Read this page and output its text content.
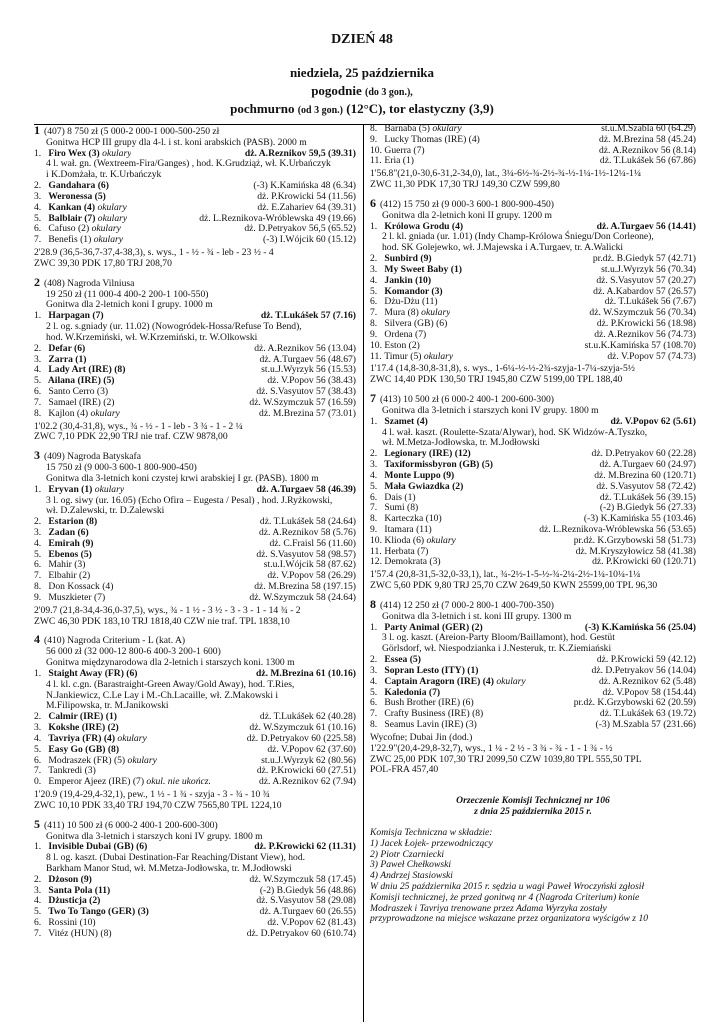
DZIEŃ 48
niedziela, 25 października
pogodnie (do 3 gon.),
pochmurno (od 3 gon.) (12°C), tor elastyczny (3,9)
1 (407) 8 750 zł (5 000-2 000-1 000-500-250 zł
Gonitwa HCP III grupy dla 4-l. i st. koni arabskich (PASB). 2000 m
1. Firo Wex (3) okulary	dż. A.Reznikov 59,5 (39.31)
4 l. wał. gn. (Wextreem-Fira/Ganges) , hod. K.Grudziąż, wł. K.Urbańczyk
i K.Domżała, tr. K.Urbańczyk
2. Gandahara (6)	(-3) K.Kamińska 48 (6.34)
3. Weronessa (5)	dż. P.Krowicki 54 (11.56)
4. Kankan (4) okulary	dż. E.Zahariev 64 (39.31)
5. Balblair (7) okulary	dż. L.Reznikova-Wróblewska 49 (19.66)
6. Cafuso (2) okulary	dż. D.Petryakov 56,5 (65.52)
7. Benefis (1) okulary	(-3) I.Wójcik 60 (15.12)
2'28.9 (36,5-36,7-37,4-38,3), s. wys., 1 - ½ - ¾ - leb - 23 ½ - 4
ZWC 39,30 PDK 17,80 TRJ 208,70
2 (408) Nagroda Vilniusa
19 250 zł (11 000-4 400-2 200-1 100-550)
Gonitwa dla 2-letnich koni I grupy. 1000 m
1. Harpagan (7)	dż. T.Lukášek 57 (7.16)
2 l. og. s.gniady (ur. 11.02) (Nowogródek-Hossa/Refuse To Bend),
hod. W.Krzemiński, wł. W.Krzemiński, tr. W.Olkowski
2. Defar (6)	dż. A.Reznikov 56 (13.04)
3. Zarra (1)	dż. A.Turgaev 56 (48.67)
4. Lady Art (IRE) (8)	st.u.J.Wyrzyk 56 (15.53)
5. Ailana (IRE) (5)	dż. V.Popov 56 (38.43)
6. Santo Cerro (3)	dż. S.Vasyutov 57 (38.43)
7. Samael (IRE) (2)	dż. W.Szymczuk 57 (16.59)
8. Kajlon (4) okulary	dż. M.Brezina 57 (73.01)
1'02.2 (30,4-31,8), wys., ¾ - ½ - 1 - leb - 3 ¾ - 1 - 2 ¼
ZWC 7,10 PDK 22,90 TRJ nie traf. CZW 9878,00
3 (409) Nagroda Batyskafa
15 750 zł (9 000-3 600-1 800-900-450)
Gonitwa dla 3-letnich koni czystej krwi arabskiej I gr. (PASB). 1800 m
1. Eryvan (1) okulary	dż. A.Turgaev 58 (46.39)
3 l. og. siwy (ur. 16.05) (Echo Ofira – Eugesta / Pesal) , hod. J.Ryżkowski,
wł. D.Zalewski, tr. D.Zalewski
2. Estarion (8)	dż. T.Lukášek 58 (24.64)
3. Zadan (6)	dż. A.Reznikov 58 (5.76)
4. Emirah (9)	dż. C.Fraisl 56 (11.60)
5. Ebenos (5)	dż. S.Vasyutov 58 (98.57)
6. Mahir (3)	st.u.I.Wójcik 58 (87.62)
7. Elbahir (2)	dż. V.Popov 58 (26.29)
8. Don Kossack (4)	dż. M.Brezina 58 (197.15)
9. Muszkieter (7)	dż. W.Szymczuk 58 (24.64)
2'09.7 (21,8-34,4-36,0-37,5), wys., ¾ - 1 ½ - 3 ½ - 3 - 3 - 1 - 14 ¾ - 2
ZWC 46,30 PDK 183,10 TRJ 1818,40 CZW nie traf. TPL 1838,10
4 (410) Nagroda Criterium - L (kat. A)
56 000 zł (32 000-12 800-6 400-3 200-1 600)
Gonitwa międzynarodowa dla 2-letnich i starszych koni. 1300 m
1. Staight Away (FR) (6)	dż. M.Brezina 61 (10.16)
4 l. kl. c.gn. (Barastraight-Green Away/Gold Away), hod. T.Ries,
N.Jankiewicz, C.Le Lay i M.-Ch.Lacaille, wł. Z.Makowski i
M.Filipowska, tr. M.Janikowski
2. Calmir (IRE) (1)	dż. T.Lukášek 62 (40.28)
3. Kokshe (IRE) (2)	dż. W.Szymczuk 61 (10.16)
4. Tavriya (FR) (4) okulary	dż. D.Petryakov 60 (225.58)
5. Easy Go (GB) (8)	dż. V.Popov 62 (37.60)
6. Modraszek (FR) (5) okulary	st.u.J.Wyrzyk 62 (80.56)
7. Tankredi (3)	dż. P.Krowicki 60 (27.51)
0. Emperor Ajeez (IRE) (7) okul. nie ukończ.	dż. A.Reznikov 62 (7.94)
1'20.9 (19,4-29,4-32,1), pew., 1 ½ - 1 ¾ - szyja - 3 - ¾ - 10 ¾
ZWC 10,10 PDK 33,40 TRJ 194,70 CZW 7565,80 TPL 1224,10
5 (411) 10 500 zł (6 000-2 400-1 200-600-300)
Gonitwa dla 3-letnich i starszych koni IV grupy. 1800 m
1. Invisible Dubai (GB) (6)	dż. P.Krowicki 62 (11.31)
8 l. og. kaszt. (Dubai Destination-Far Reaching/Distant View), hod.
Barkham Manor Stud, wł. M.Metza-Jodłowska, tr. M.Jodłowski
2. Dżoson (9)	dż. W.Szymczuk 58 (17.45)
3. Santa Pola (11)	(-2) B.Giedyk 56 (48.86)
4. Dżusticja (2)	dż. S.Vasyutov 58 (29.08)
5. Two To Tango (GER) (3)	dż. A.Turgaev 60 (26.55)
6. Rossini (10)	dż. V.Popov 62 (81.43)
7. Vitéz (HUN) (8)	dż. D.Petryakov 60 (610.74)
8. Barnaba (5) okulary	st.u.M.Szabla 60 (64.29)
9. Lucky Thomas (IRE) (4)	dż. M.Brezina 58 (45.24)
10. Guerra (7)	dż. A.Reznikov 56 (8.14)
11. Eria (1)	dż. T.Lukášek 56 (67.86)
1'56.8"(21,0-30,6-31,2-34,0), lat., 3¼-6½-¾-2½-¾-½-1¼-1½-12¼-1¼
ZWC 11,30 PDK 17,30 TRJ 149,30 CZW 599,80
6 (412) 15 750 zł (9 000-3 600-1 800-900-450)
Gonitwa dla 2-letnich koni II grupy. 1200 m
1. Królowa Grodu (4)	dż. A.Turgaev 56 (14.41)
2 l. kl. gniada (ur. 1.01) (Indy Champ-Królowa Śniegu/Don Corleone),
hod. SK Golejewko, wł. J.Majewska i A.Turgaev, tr. A.Walicki
2. Sunbird (9)	pr.dż. B.Giedyk 57 (42.71)
3. My Sweet Baby (1)	st.u.J.Wyrzyk 56 (70.34)
4. Jankin (10)	dż. S.Vasyutov 57 (20.27)
5. Komandor (3)	dż. A.Kabardov 57 (26.57)
6. Dżu-Dżu (11)	dż. T.Lukášek 56 (7.67)
7. Mura (8) okulary	dż. W.Szymczuk 56 (70.34)
8. Silvera (GB) (6)	dż. P.Krowicki 56 (18.98)
9. Ordena (7)	dż. A.Reznikov 56 (74.73)
10. Eston (2)	st.u.K.Kamińska 57 (108.70)
11. Timur (5) okulary	dż. V.Popov 57 (74.73)
1'17.4 (14,8-30,8-31,8), s. wys., 1-6¼-½-½-2¾-szyja-1-7¼-szyja-5½
ZWC 14,40 PDK 130,50 TRJ 1945,80 CZW 5199,00 TPL 188,40
7 (413) 10 500 zł (6 000-2 400-1 200-600-300)
Gonitwa dla 3-letnich i starszych koni IV grupy. 1800 m
1. Szamet (4)	dż. V.Popov 62 (5.61)
4 l. wał. kaszt. (Roulette-Szata/Alywar), hod. SK Widzów-A.Tyszko,
wł. M.Metza-Jodłowska, tr. M.Jodłowski
2. Legionary (IRE) (12)	dż. D.Petryakov 60 (22.28)
3. Taxiformissbyron (GB) (5)	dż. A.Turgaev 60 (24.97)
4. Monte Luppo (9)	dż. M.Brezina 60 (120.71)
5. Mała Gwiazdka (2)	dż. S.Vasyutov 58 (72.42)
6. Dais (1)	dż. T.Lukášek 56 (39.15)
7. Sumi (8)	(-2) B.Giedyk 56 (27.33)
8. Karteczka (10)	(-3) K.Kamińska 55 (103.46)
9. Itamara (11)	dż. L.Reznikova-Wróblewska 56 (53.65)
10. Klioda (6) okulary	pr.dż. K.Grzybowski 58 (51.73)
11. Herbata (7)	dż. M.Kryszyłowicz 58 (41.38)
12. Demokrata (3)	dż. P.Krowicki 60 (120.71)
1'57.4 (20,8-31,5-32,0-33,1), lat., ¾-2½-1-5-½-¾-2¼-2½-1¼-10¼-1¼
ZWC 5,60 PDK 9,80 TRJ 25,70 CZW 2649,50 KWN 25599,00 TPL 96,30
8 (414) 12 250 zł (7 000-2 800-1 400-700-350)
Gonitwa dla 3-letnich i st. koni III grupy. 1300 m
1. Party Animal (GER) (2)	(-3) K.Kamińska 56 (25.04)
3 l. og. kaszt. (Areion-Party Bloom/Baillamont), hod. Gestüt
Görlsdorf, wł. Niespodzianka i J.Nesteruk, tr. K.Ziemiański
2. Essea (5)	dż. P.Krowicki 59 (42.12)
3. Sopran Lesto (ITY) (1)	dż. D.Petryakov 56 (14.04)
4. Captain Aragorn (IRE) (4) okulary	dż. A.Reznikov 62 (5.48)
5. Kaledonia (7)	dż. V.Popov 58 (154.44)
6. Bush Brother (IRE) (6)	pr.dż. K.Grzybowski 62 (20.59)
7. Crafty Business (IRE) (8)	dż. T.Lukášek 63 (19.72)
8. Seamus Lavin (IRE) (3)	(-3) M.Szabla 57 (231.66)
Wycofne; Dubai Jin (dod.)
1'22.9"(20,4-29,8-32,7), wys., 1 ¼ - 2 ½ - 3 ¾ - ¾ - 1 - 1 ¾ - ½
ZWC 25,00 PDK 107,30 TRJ 2099,50 CZW 1039,80 TPL 555,50 TPL
POL-FRA 457,40
Orzeczenie Komisji Technicznej nr 106
z dnia 25 października 2015 r.

Komisja Techniczna w składzie:

1) Jacek Łojek- przewodniczący

2) Piotr Czarniecki

3) Paweł Chełkowski

4) Andrzej Stasiowski

W dniu 25 października 2015 r. sędzia u wagi Paweł Wroczyński zgłosił

Komisji technicznej, że przed gonitwą nr 4 (Nagroda Criterium) konie

Modraszek i Tavriya trenowane przez Adama Wyrzyka zostały

przyprowadzone na miejsce wskazane przez organizatora wyścigów z 10
